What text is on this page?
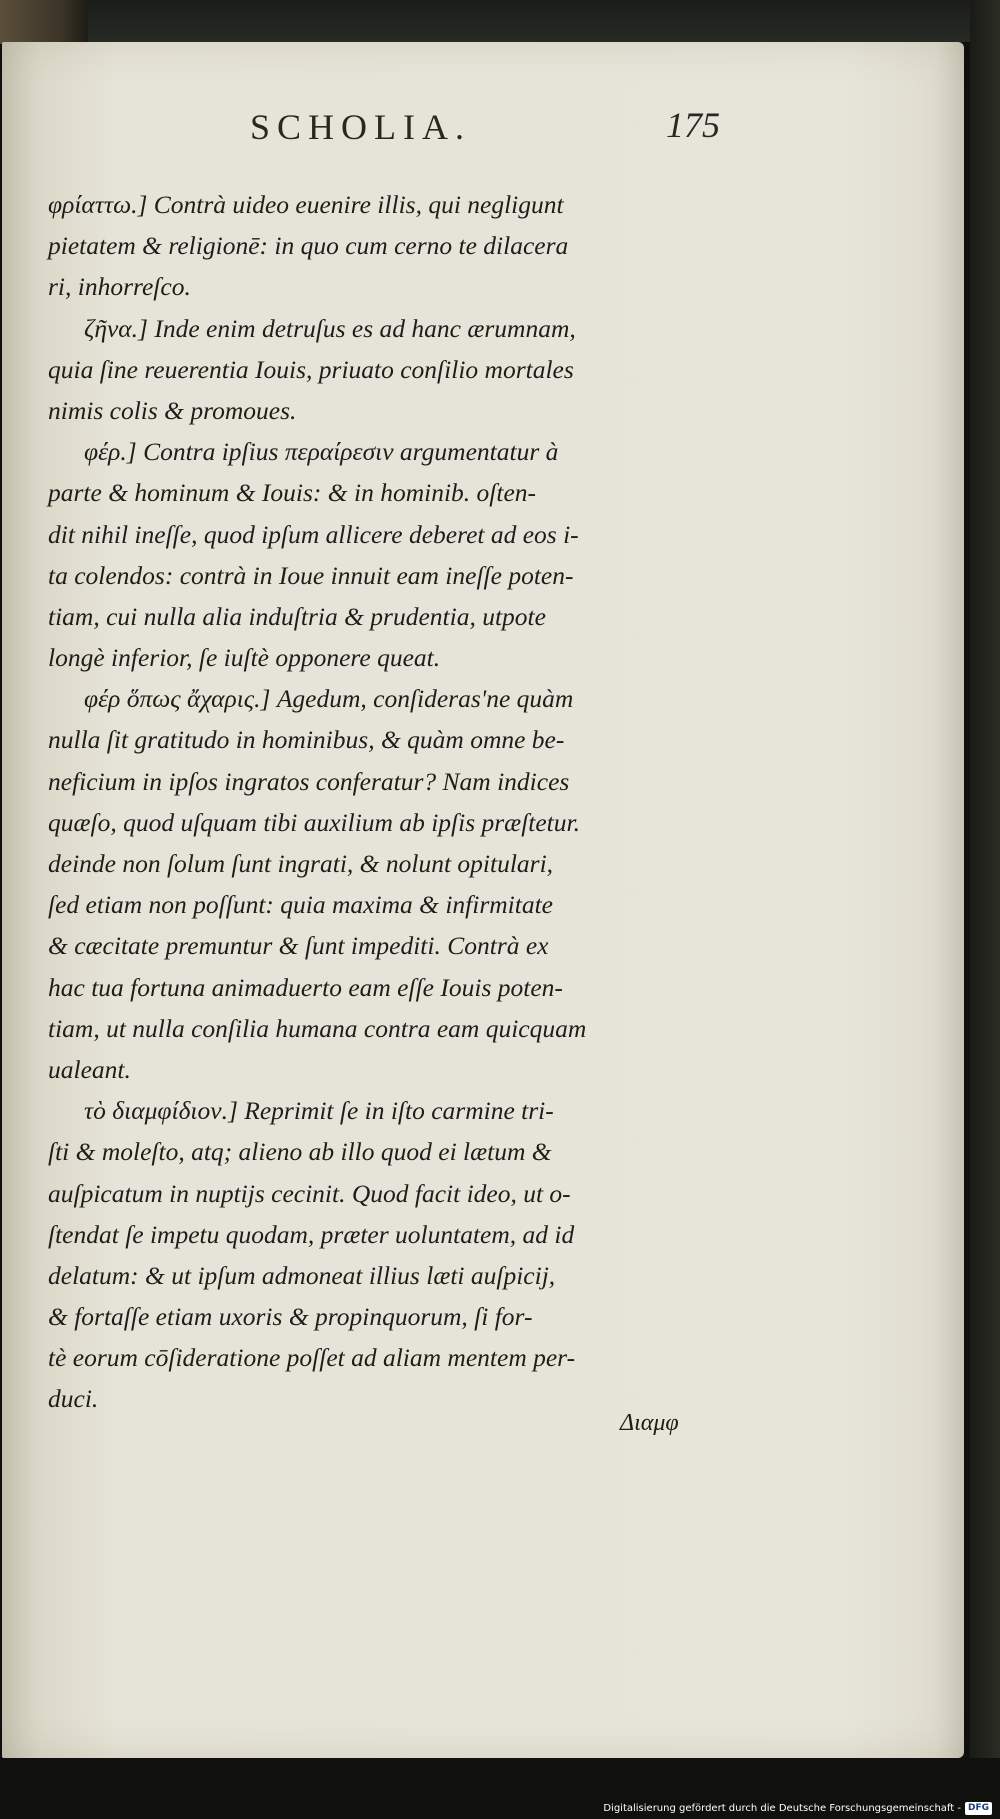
SCHOLIA.	175
φρίαττω.] Contrà uideo euenire illis, qui negligunt
pietatem & religionē: in quo cum cerno te dilacera
ri, inhorreſco.
ζῆνα.] Inde enim detruſus es ad hanc ærumnam,
quia ſine reuerentia Iouis, priuato conſilio mortales
nimis colis & promoues.
φέρ.] Contra ipſius περαίρεσιν argumentatur à
parte & hominum & Iouis: & in hominib. oſten-
dit nihil ineſſe, quod ipſum allicere deberet ad eos i-
ta colendos: contrà in Ioue innuit eam ineſſe poten-
tiam, cui nulla alia induſtria & prudentia, utpote
longè inferior, ſe iuſtè opponere queat.
φέρ ὅπως ἄχαρις.] Agedum, conſideras'ne quàm
nulla ſit gratitudo in hominibus, & quàm omne be-
neficium in ipſos ingratos conferatur? Nam indices
quæſo, quod uſquam tibi auxilium ab ipſis præſtetur.
deinde non ſolum ſunt ingrati, & nolunt opitulari,
ſed etiam non poſſunt: quia maxima & infirmitate
& cæcitate premuntur & ſunt impediti. Contrà ex
hac tua fortuna animaduerto eam eſſe Iouis poten-
tiam, ut nulla conſilia humana contra eam quicquam
ualeant.
τὸ διαμφίδιον.] Reprimit ſe in iſto carmine tri-
ſti & moleſto, atq; alieno ab illo quod ei lætum &
auſpicatum in nuptijs cecinit. Quod facit ideo, ut o-
ſtendat ſe impetu quodam, præter uoluntatem, ad id
delatum: & ut ipſum admoneat illius læti auſpicij,
& fortaſſe etiam uxoris & propinquorum, ſi for-
tè eorum cōſideratione poſſet ad aliam mentem per-
duci.
Διαμφ
Digitalisierung gefördert durch die Deutsche Forschungsgemeinschaft - DFG
